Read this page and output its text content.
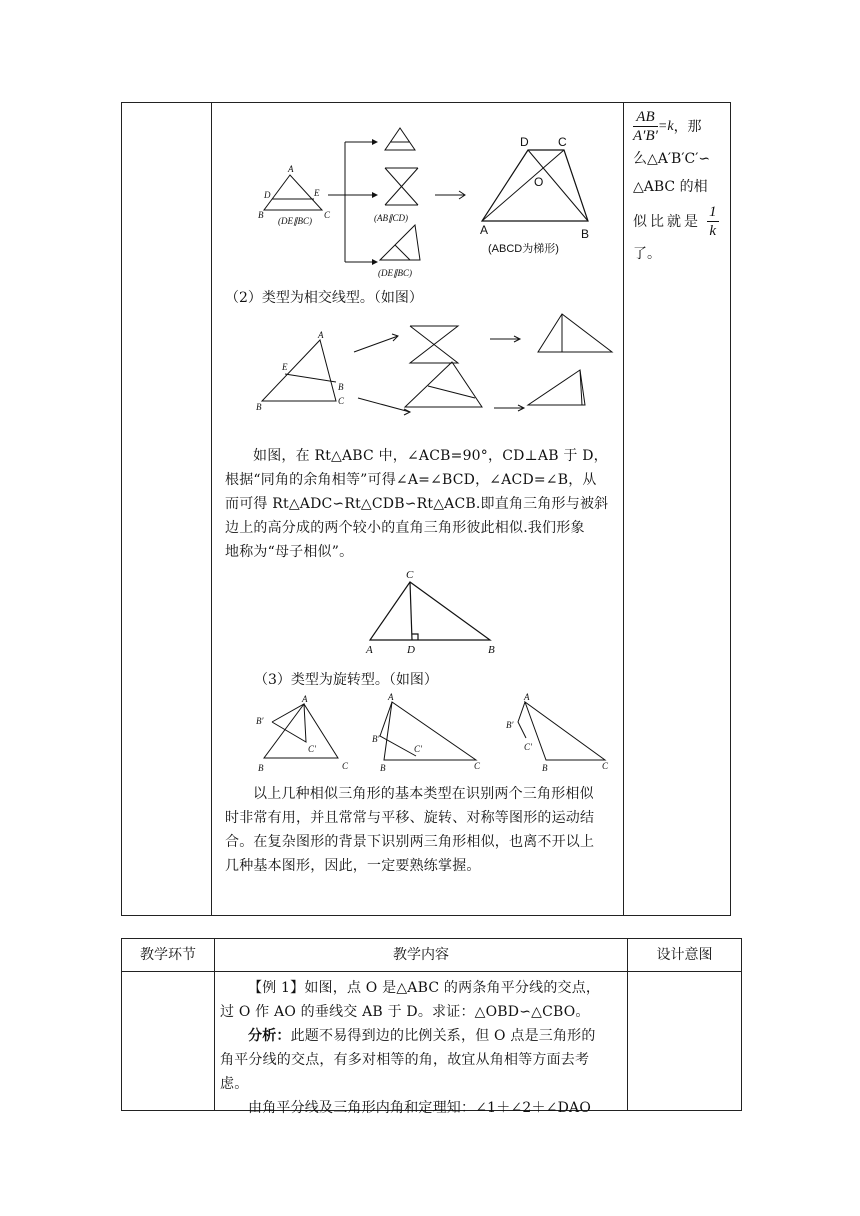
$\frac{AB}{A'B'} =k$ ，那
么△A′B′C′∽
△ABC 的相
似比就是 $\frac{1}{k}$
了。
A
D	E
B	C
(DE∥BC)	(AB∥CD)
(DE∥BC)
D C
O
A	B
(ABCD为梯形)
（2）类型为相交线型。（如图）
A
E
B
B
C
如图，在 Rt△ABC 中，∠ACB=90°，CD⊥AB 于 D，
根据“同角的余角相等”可得∠A=∠BCD，∠ACD=∠B，从
而可得 Rt△ADC∽Rt△CDB∽Rt△ACB.即直角三角形与被斜
边上的高分成的两个较小的直角三角形彼此相似.我们形象
地称为“母子相似”。
C
A	D	B
（3）类型为旋转型。（如图）
A
B′
C′
B	C
A
B′
C′
B	C
A
B′
C′
B	C
以上几种相似三角形的基本类型在识别两个三角形相似
时非常有用，并且常常与平移、旋转、对称等图形的运动结
合。在复杂图形的背景下识别两三角形相似，也离不开以上
几种基本图形，因此，一定要熟练掌握。
教学环节	教学内容	设计意图
【例 1】如图，点 O 是△ABC 的两条角平分线的交点，
过 O 作 AO 的垂线交 AB 于 D。求证：△OBD∽△CBO。
分析：此题不易得到边的比例关系，但 O 点是三角形的
角平分线的交点，有多对相等的角，故宜从角相等方面去考
虑。
由角平分线及三角形内角和定理知：∠1＋∠2＋∠DAO
